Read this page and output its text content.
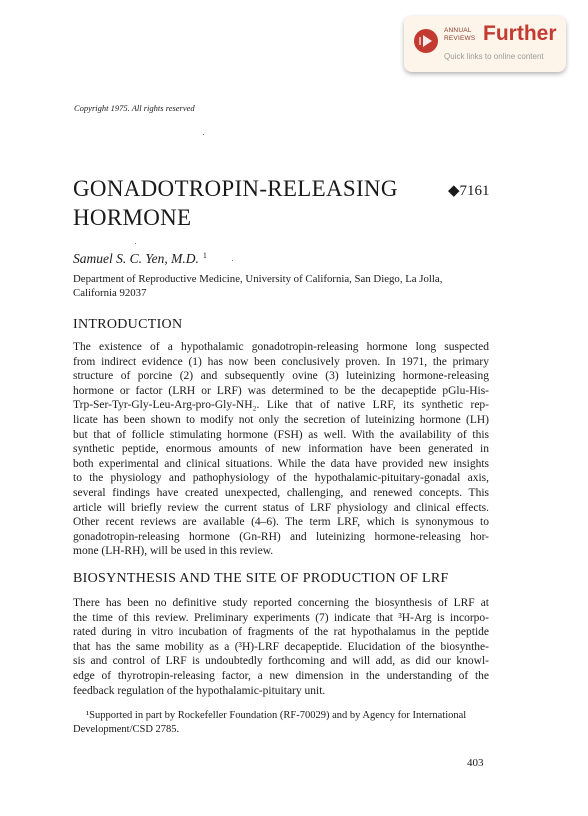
ANNUAL
REVIEWS Further
Quick links to online content
Copyright 1975. All rights reserved
GONADOTROPIN-RELEASING
HORMONE
◆7161
Samuel S. C. Yen, M.D. $^1$
Department of Reproductive Medicine, University of California, San Diego, La Jolla,
California 92037
INTRODUCTION

The existence of a hypothalamic gonadotropin-releasing hormone long suspected
from indirect evidence (1) has now been conclusively proven. In 1971, the primary
structure of porcine (2) and subsequently ovine (3) luteinizing hormone-releasing
hormone or factor (LRH or LRF) was determined to be the decapeptide pGlu-His-
Trp-Ser-Tyr-Gly-Leu-Arg-pro-Gly-NH₂. Like that of native LRF, its synthetic rep-
licate has been shown to modify not only the secretion of luteinizing hormone (LH)
but that of follicle stimulating hormone (FSH) as well. With the availability of this
synthetic peptide, enormous amounts of new information have been generated in
both experimental and clinical situations. While the data have provided new insights
to the physiology and pathophysiology of the hypothalamic-pituitary-gonadal axis,
several findings have created unexpected, challenging, and renewed concepts. This
article will briefly review the current status of LRF physiology and clinical effects.
Other recent reviews are available (4–6). The term LRF, which is synonymous to
gonadotropin-releasing hormone (Gn-RH) and luteinizing hormone-releasing hor-
mone (LH-RH), will be used in this review.

BIOSYNTHESIS AND THE SITE OF PRODUCTION OF LRF

There has been no definitive study reported concerning the biosynthesis of LRF at
the time of this review. Preliminary experiments (7) indicate that ³H-Arg is incorpo-
rated during in vitro incubation of fragments of the rat hypothalamus in the peptide
that has the same mobility as a (³H)-LRF decapeptide. Elucidation of the biosynthe-
sis and control of LRF is undoubtedly forthcoming and will add, as did our knowl-
edge of thyrotropin-releasing factor, a new dimension in the understanding of the
feedback regulation of the hypothalamic-pituitary unit.

¹Supported in part by Rockefeller Foundation (RF-70029) and by Agency for International
Development/CSD 2785.
403
